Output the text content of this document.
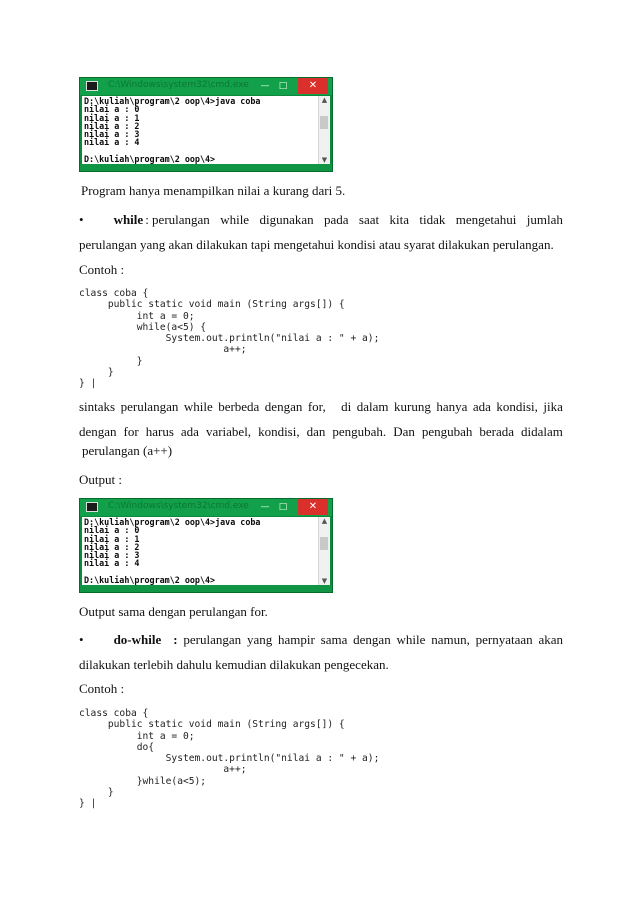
C:\Windows\system32\cmd.exe — □	✕
D:\kuliah\program\2 oop\4>java coba
nilai a : 0
nilai a : 1
nilai a : 2
nilai a : 3
nilai a : 4

D:\kuliah\program\2 oop\4>
▲
▼
Program hanya menampilkan nilai a kurang dari 5.
• while : perulangan while digunakan pada saat kita tidak mengetahui jumlah
perulangan yang akan dilakukan tapi mengetahui kondisi atau syarat dilakukan perulangan.
Contoh :
class coba {
public static void main (String args[]) {
int a = 0;
while(a<5) {
System.out.println("nilai a : " + a);
a++;
}
}
} |
sintaks perulangan while berbeda dengan for, di dalam kurung hanya ada kondisi, jika
dengan for harus ada variabel, kondisi, dan pengubah. Dan pengubah berada didalam
perulangan (a++)
Output :
C:\Windows\system32\cmd.exe — □	✕
D:\kuliah\program\2 oop\4>java coba
nilai a : 0
nilai a : 1
nilai a : 2
nilai a : 3
nilai a : 4

D:\kuliah\program\2 oop\4>
▲
▼
Output sama dengan perulangan for.
• do-while : perulangan yang hampir sama dengan while namun, pernyataan akan
dilakukan terlebih dahulu kemudian dilakukan pengecekan.
Contoh :
class coba {
public static void main (String args[]) {
int a = 0;
do{
System.out.println("nilai a : " + a);
a++;
}while(a<5);
}
} |
